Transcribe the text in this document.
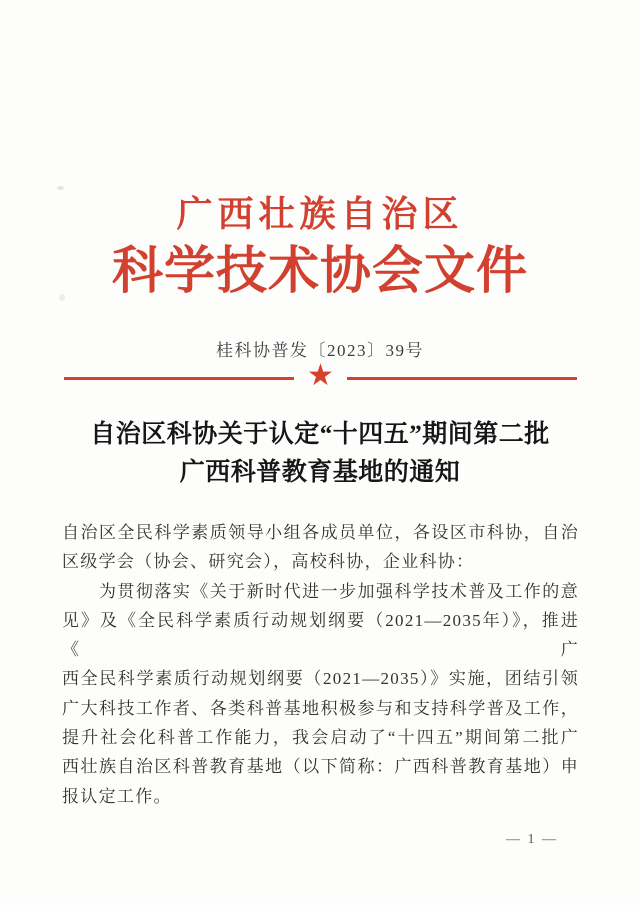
广西壮族自治区
科学技术协会文件
桂科协普发〔2023〕39号
★
自治区科协关于认定“十四五”期间第二批
广西科普教育基地的通知
自治区全民科学素质领导小组各成员单位，各设区市科协，自治
区级学会（协会、研究会），高校科协，企业科协：
　　为贯彻落实《关于新时代进一步加强科学技术普及工作的意
见》及《全民科学素质行动规划纲要（2021—2035年）》，推进《广
西全民科学素质行动规划纲要（2021—2035）》实施，团结引领
广大科技工作者、各类科普基地积极参与和支持科学普及工作，
提升社会化科普工作能力，我会启动了“十四五”期间第二批广
西壮族自治区科普教育基地（以下简称：广西科普教育基地）申
报认定工作。
— 1 —
